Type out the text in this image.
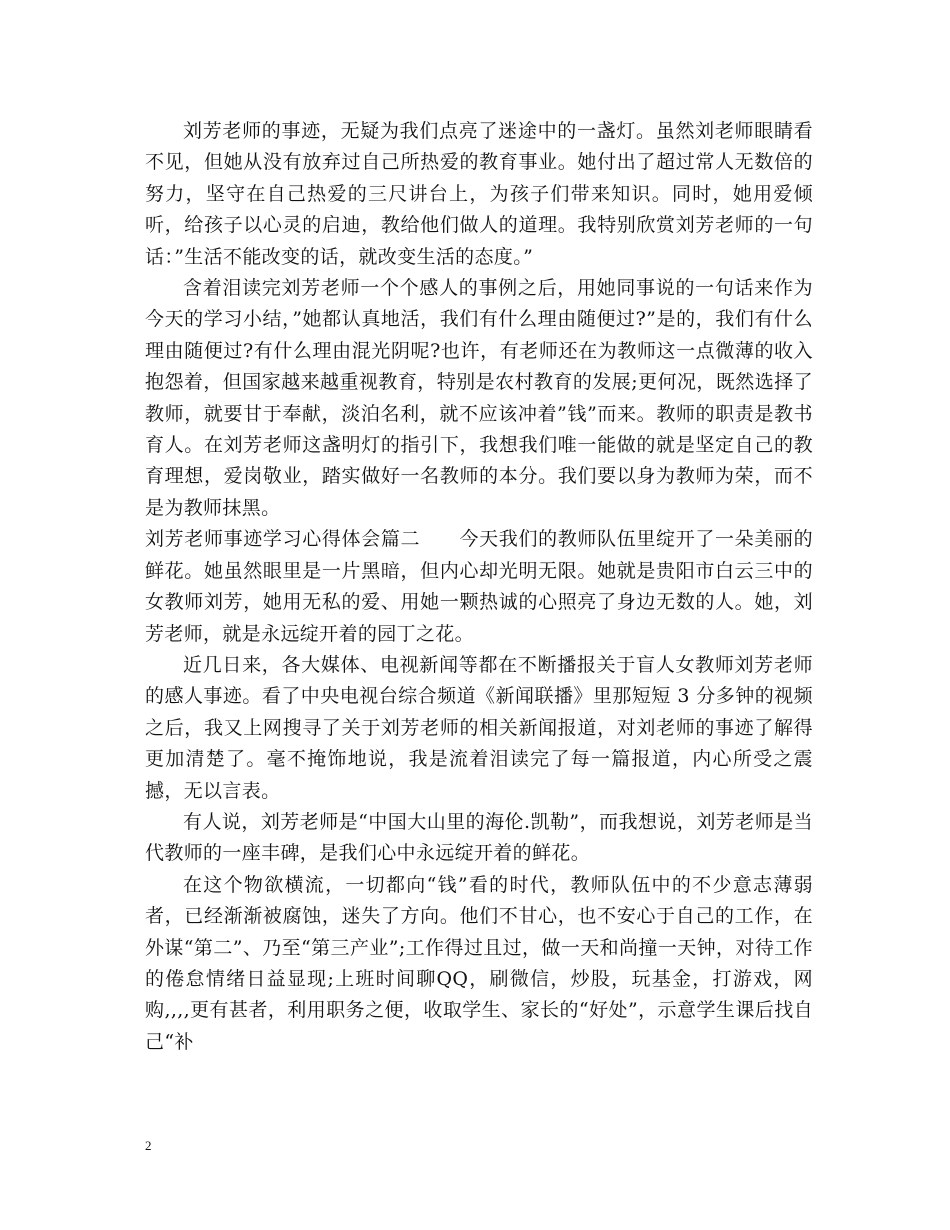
刘芳老师的事迹，无疑为我们点亮了迷途中的一盏灯。虽然刘老师眼睛看不见，但她从没有放弃过自己所热爱的教育事业。她付出了超过常人无数倍的努力，坚守在自己热爱的三尺讲台上，为孩子们带来知识。同时，她用爱倾听，给孩子以心灵的启迪，教给他们做人的道理。我特别欣赏刘芳老师的一句话：”生活不能改变的话，就改变生活的态度。”

含着泪读完刘芳老师一个个感人的事例之后，用她同事说的一句话来作为今天的学习小结，”她都认真地活，我们有什么理由随便过?”是的，我们有什么理由随便过?有什么理由混光阴呢?也许，有老师还在为教师这一点微薄的收入抱怨着，但国家越来越重视教育，特别是农村教育的发展;更何况，既然选择了教师，就要甘于奉献，淡泊名利，就不应该冲着”钱”而来。教师的职责是教书育人。在刘芳老师这盏明灯的指引下，我想我们唯一能做的就是坚定自己的教育理想，爱岗敬业，踏实做好一名教师的本分。我们要以身为教师为荣，而不是为教师抹黑。

刘芳老师事迹学习心得体会篇二　　今天我们的教师队伍里绽开了一朵美丽的鲜花。她虽然眼里是一片黑暗，但内心却光明无限。她就是贵阳市白云三中的女教师刘芳，她用无私的爱、用她一颗热诚的心照亮了身边无数的人。她，刘芳老师，就是永远绽开着的园丁之花。

近几日来，各大媒体、电视新闻等都在不断播报关于盲人女教师刘芳老师的感人事迹。看了中央电视台综合频道《新闻联播》里那短短 3 分多钟的视频之后，我又上网搜寻了关于刘芳老师的相关新闻报道，对刘老师的事迹了解得更加清楚了。毫不掩饰地说，我是流着泪读完了每一篇报道，内心所受之震撼，无以言表。

有人说，刘芳老师是“中国大山里的海伦.凯勒”，而我想说，刘芳老师是当代教师的一座丰碑，是我们心中永远绽开着的鲜花。

在这个物欲横流，一切都向“钱”看的时代，教师队伍中的不少意志薄弱者，已经渐渐被腐蚀，迷失了方向。他们不甘心，也不安心于自己的工作，在外谋“第二”、乃至“第三产业”;工作得过且过，做一天和尚撞一天钟，对待工作的倦怠情绪日益显现;上班时间聊QQ，刷微信，炒股，玩基金，打游戏，网购,,,,更有甚者，利用职务之便，收取学生、家长的“好处”，示意学生课后找自己“补

2
